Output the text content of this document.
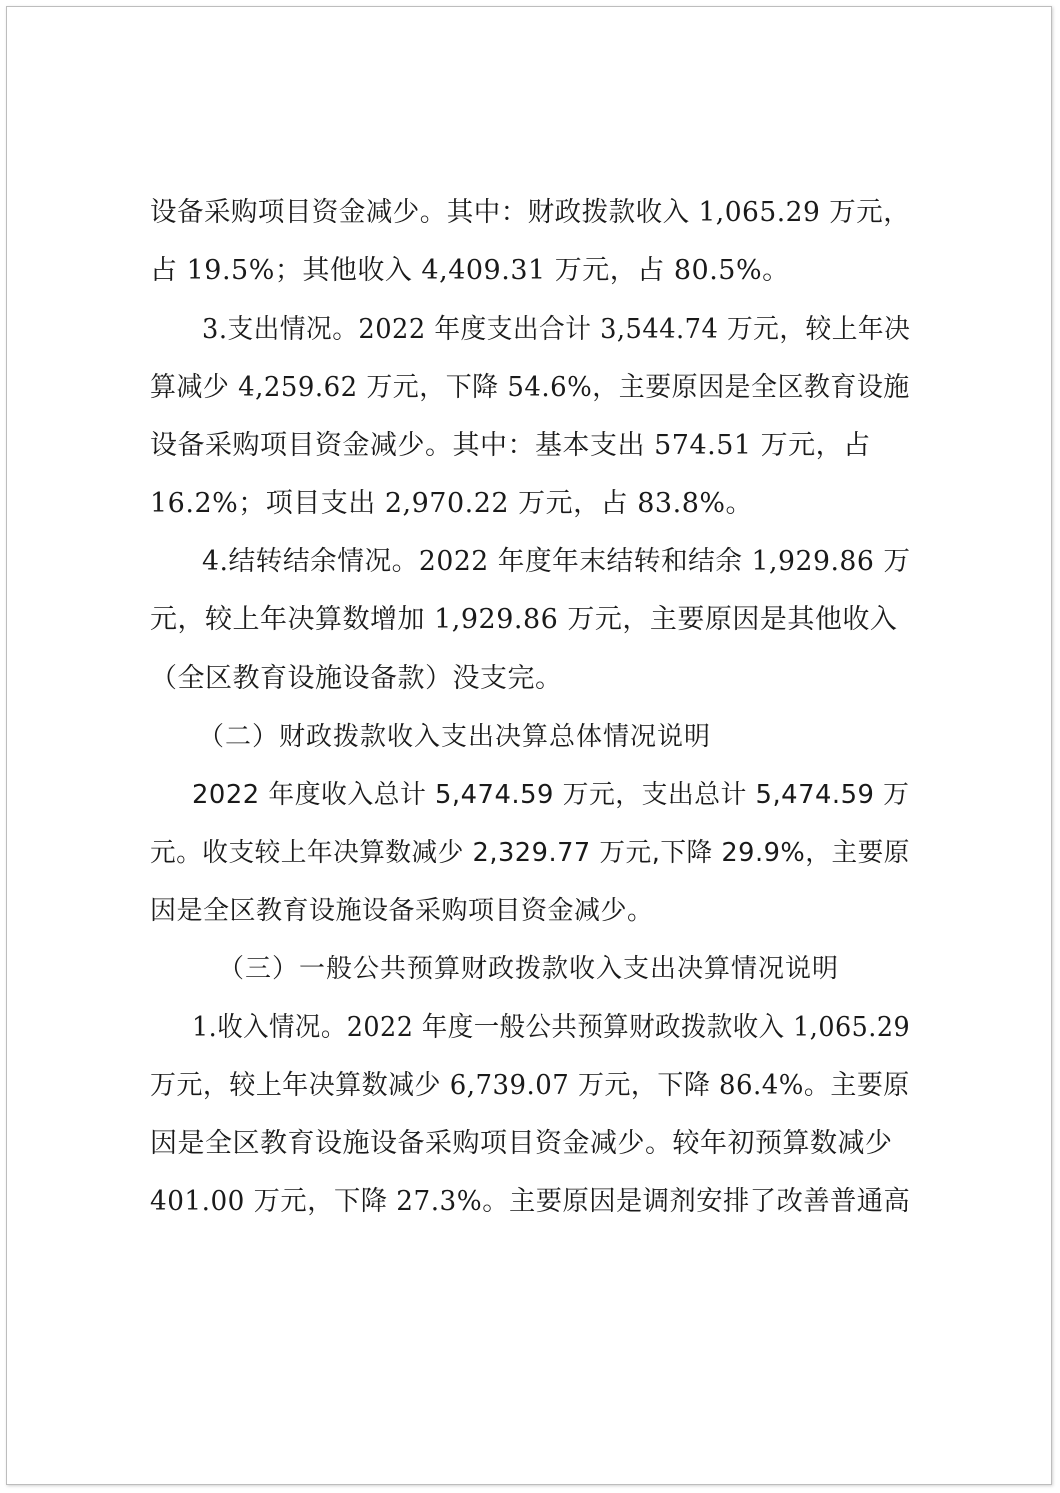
设备采购项目资金减少。其中：财政拨款收入 1,065.29 万元，
占 19.5%；其他收入 4,409.31 万元，占 80.5%。
3.支出情况。2022 年度支出合计 3,544.74 万元，较上年决
算减少 4,259.62 万元，下降 54.6%，主要原因是全区教育设施
设备采购项目资金减少。其中：基本支出 574.51 万元，占
16.2%；项目支出 2,970.22 万元，占 83.8%。
4.结转结余情况。2022 年度年末结转和结余 1,929.86 万
元，较上年决算数增加 1,929.86 万元，主要原因是其他收入
（全区教育设施设备款）没支完。
（二）财政拨款收入支出决算总体情况说明
2022 年度收入总计 5,474.59 万元，支出总计 5,474.59 万
元。收支较上年决算数减少 2,329.77 万元,下降 29.9%，主要原
因是全区教育设施设备采购项目资金减少。
（三）一般公共预算财政拨款收入支出决算情况说明
1.收入情况。2022 年度一般公共预算财政拨款收入 1,065.29
万元，较上年决算数减少 6,739.07 万元，下降 86.4%。主要原
因是全区教育设施设备采购项目资金减少。较年初预算数减少
401.00 万元，下降 27.3%。主要原因是调剂安排了改善普通高
